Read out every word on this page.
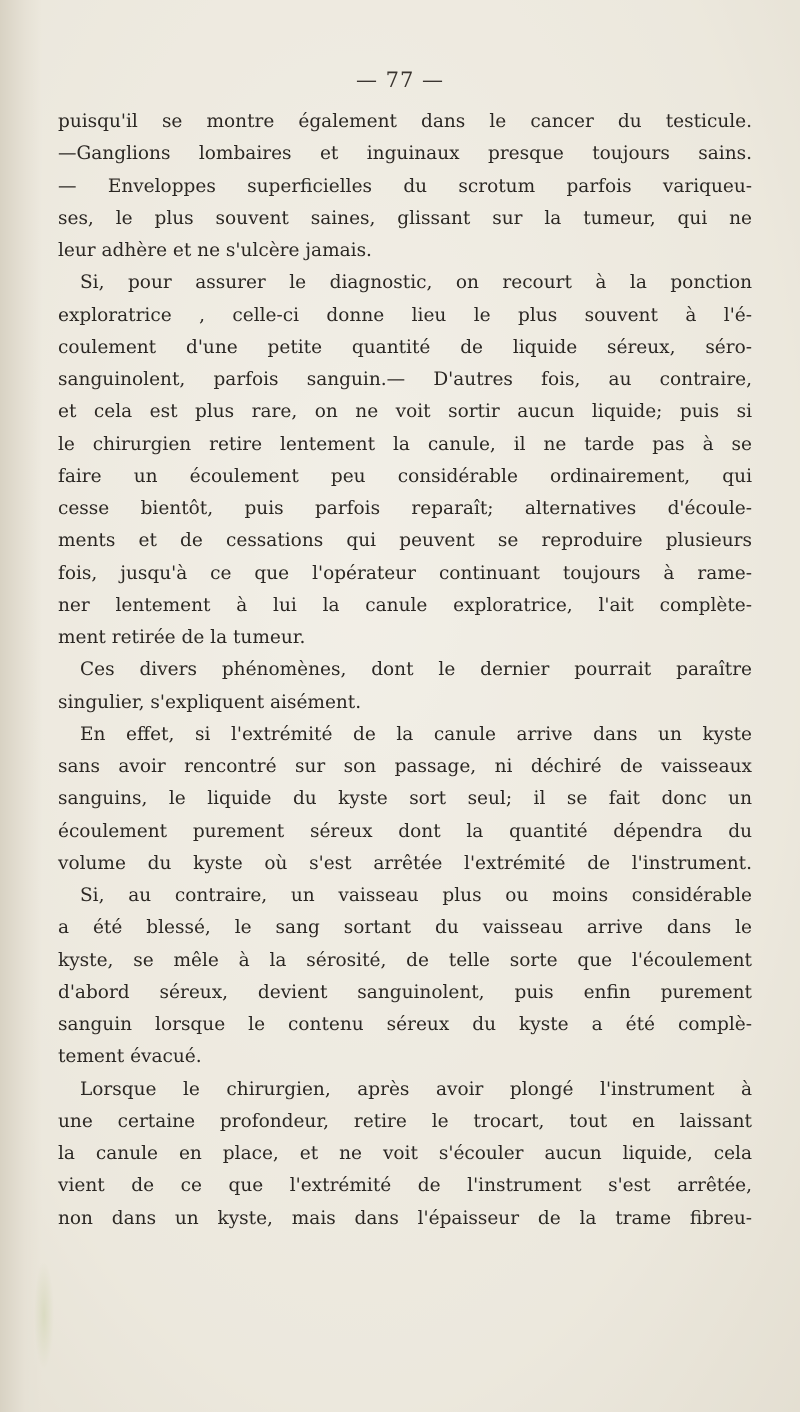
— 77 —
puisqu'il se montre également dans le cancer du testicule.
—Ganglions lombaires et inguinaux presque toujours sains.
— Enveloppes superficielles du scrotum parfois variqueu-
ses, le plus souvent saines, glissant sur la tumeur, qui ne
leur adhère et ne s'ulcère jamais.
Si, pour assurer le diagnostic, on recourt à la ponction
exploratrice , celle-ci donne lieu le plus souvent à l'é-
coulement d'une petite quantité de liquide séreux, séro-
sanguinolent, parfois sanguin.— D'autres fois, au contraire,
et cela est plus rare, on ne voit sortir aucun liquide; puis si
le chirurgien retire lentement la canule, il ne tarde pas à se
faire un écoulement peu considérable ordinairement, qui
cesse bientôt, puis parfois reparaît; alternatives d'écoule-
ments et de cessations qui peuvent se reproduire plusieurs
fois, jusqu'à ce que l'opérateur continuant toujours à rame-
ner lentement à lui la canule exploratrice, l'ait complète-
ment retirée de la tumeur.
Ces divers phénomènes, dont le dernier pourrait paraître
singulier, s'expliquent aisément.
En effet, si l'extrémité de la canule arrive dans un kyste
sans avoir rencontré sur son passage, ni déchiré de vaisseaux
sanguins, le liquide du kyste sort seul; il se fait donc un
écoulement purement séreux dont la quantité dépendra du
volume du kyste où s'est arrêtée l'extrémité de l'instrument.
Si, au contraire, un vaisseau plus ou moins considérable
a été blessé, le sang sortant du vaisseau arrive dans le
kyste, se mêle à la sérosité, de telle sorte que l'écoulement
d'abord séreux, devient sanguinolent, puis enfin purement
sanguin lorsque le contenu séreux du kyste a été complè-
tement évacué.
Lorsque le chirurgien, après avoir plongé l'instrument à
une certaine profondeur, retire le trocart, tout en laissant
la canule en place, et ne voit s'écouler aucun liquide, cela
vient de ce que l'extrémité de l'instrument s'est arrêtée,
non dans un kyste, mais dans l'épaisseur de la trame fibreu-
